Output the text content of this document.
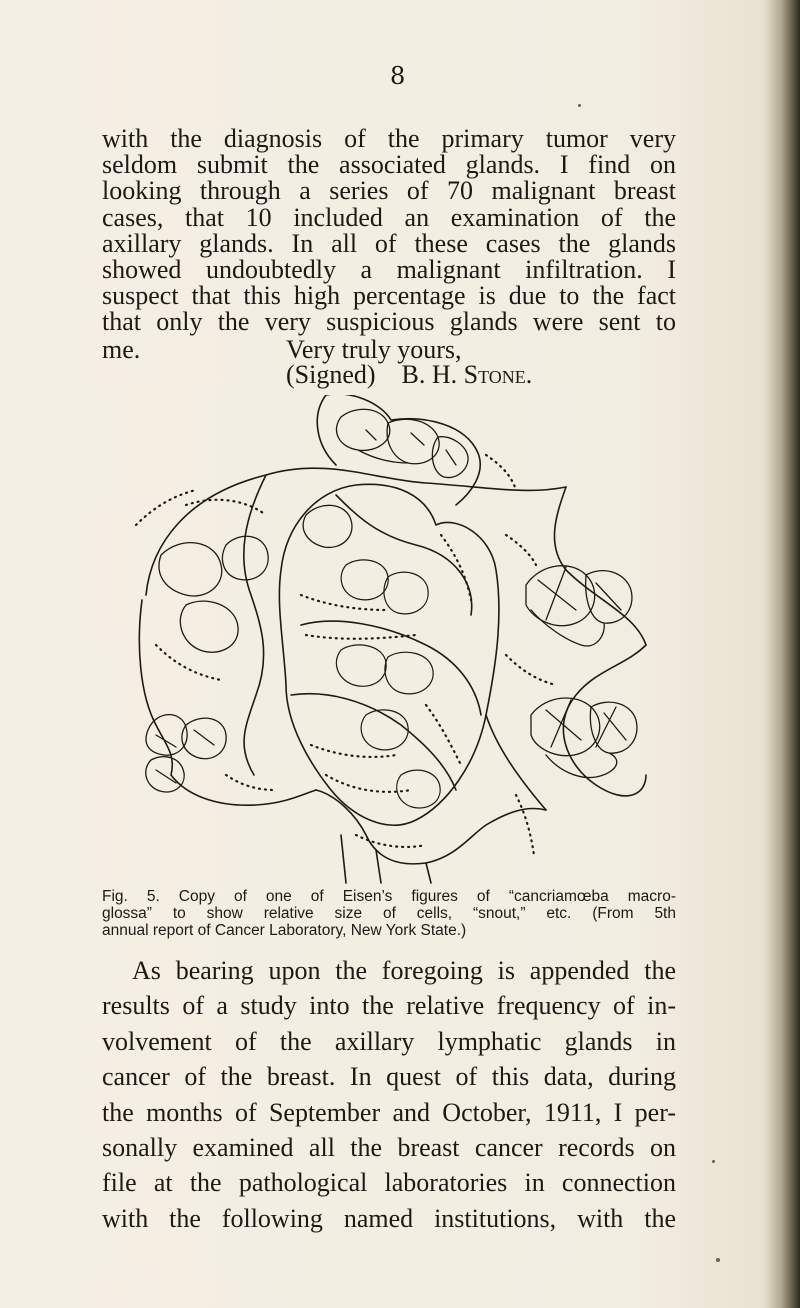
8
with the diagnosis of the primary tumor very
seldom submit the associated glands. I find on
looking through a series of 70 malignant breast
cases, that 10 included an examination of the
axillary glands. In all of these cases the glands
showed undoubtedly a malignant infiltration. I
suspect that this high percentage is due to the fact
that only the very suspicious glands were sent to
me.	Very truly yours,
(Signed) B. H. Stone.
Fig. 5. Copy of one of Eisen’s figures of “cancriamœba macro-
glossa” to show relative size of cells, “snout,” etc. (From 5th
annual report of Cancer Laboratory, New York State.)
As bearing upon the foregoing is appended the
results of a study into the relative frequency of in-
volvement of the axillary lymphatic glands in
cancer of the breast. In quest of this data, during
the months of September and October, 1911, I per-
sonally examined all the breast cancer records on
file at the pathological laboratories in connection
with the following named institutions, with the
